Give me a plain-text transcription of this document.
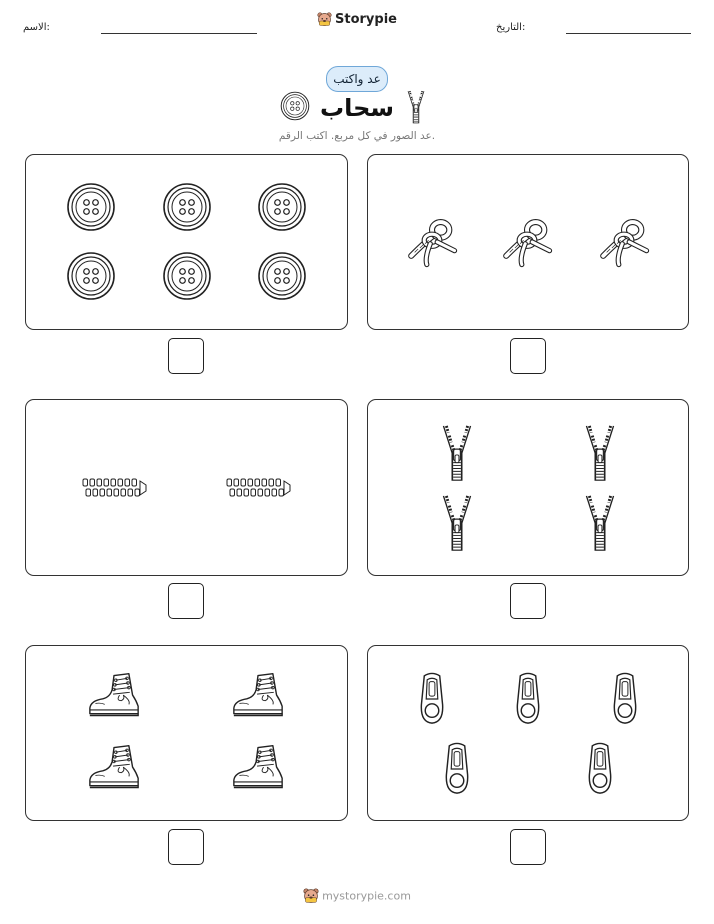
الاسم:
Storypie
التاريخ:
عد واكتب
سحاب
عد الصور في كل مربع. اكتب الرقم.
mystorypie.com
